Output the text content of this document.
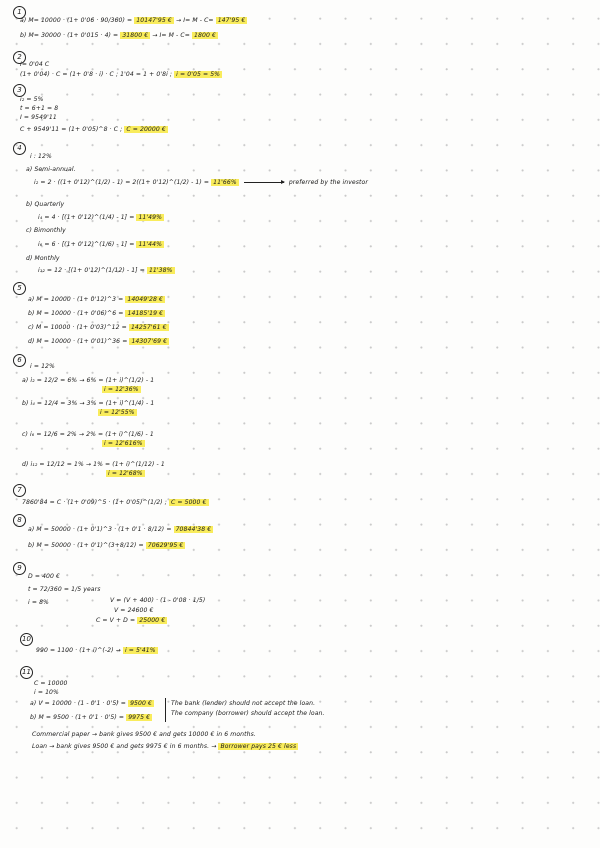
1
a) M= 10000 · (1+ 0'06 · 90/360) = 10147'95 € → I= M - C= 147'95 €
b) M= 30000 · (1+ 0'015 · 4) = 31800 € → I= M - C= 1800 €
2
I= 0'04 C
(1+ 0'04) · C = (1+ 0'8 · i) · C ; 1'04 = 1 + 0'8i ; i = 0'05 = 5%
3
i₂ = 5%
t = 6+1 = 8
I = 9549'11
C + 9549'11 = (1+ 0'05)^8 · C ; C = 20000 €
4
i : 12%
a) Semi-annual.
i₂ = 2 · ((1+ 0'12)^(1/2) - 1) = 2((1+ 0'12)^(1/2) - 1) = 11'66%	preferred by the investor
b) Quarterly
i₄ = 4 · [(1+ 0'12)^(1/4) - 1] = 11'49%
c) Bimonthly
i₆ = 6 · [(1+ 0'12)^(1/6) - 1] = 11'44%
d) Monthly
i₁₂ = 12 · [(1+ 0'12)^(1/12) - 1] = 11'38%
5
a) M = 10000 · (1+ 0'12)^3 = 14049'28 €
b) M = 10000 · (1+ 0'06)^6 = 14185'19 €
c) M = 10000 · (1+ 0'03)^12 = 14257'61 €
d) M = 10000 · (1+ 0'01)^36 = 14307'69 €
6
i = 12%
a) i₂ = 12/2 = 6% → 6% = (1+ i)^(1/2) - 1
i = 12'36%
b) i₄ = 12/4 = 3% → 3% = (1+ i)^(1/4) - 1
i = 12'55%
c) i₆ = 12/6 = 2% → 2% = (1+ i)^(1/6) - 1
i = 12'616%
d) i₁₂ = 12/12 = 1% → 1% = (1+ i)^(1/12) - 1
i = 12'68%
7
7860'84 = C · (1+ 0'09)^5 · (1+ 0'05)^(1/2) ; C = 5000 €
8
a) M = 50000 · (1+ 0'1)^3 · (1+ 0'1 · 8/12) = 70844'38 €
b) M = 50000 · (1+ 0'1)^(3+8/12) = 70629'95 €
9
D = 400 €
t = 72/360 = 1/5 years
i = 8%	V = (V + 400) · (1 - 0'08 · 1/5)
V = 24600 €
C = V + D = 25000 €
10
990 = 1100 · (1+ i)^(-2) → i = 5'41%
11
C = 10000
i = 10%
a) V = 10000 · (1 - 0'1 · 0'5) = 9500 €
b) M = 9500 · (1+ 0'1 · 0'5) = 9975 €
The bank (lender) should not accept the loan.
The company (borrower) should accept the loan.
Commercial paper → bank gives 9500 € and gets 10000 € in 6 months.
Loan → bank gives 9500 € and gets 9975 € in 6 months. → Borrower pays 25 € less
